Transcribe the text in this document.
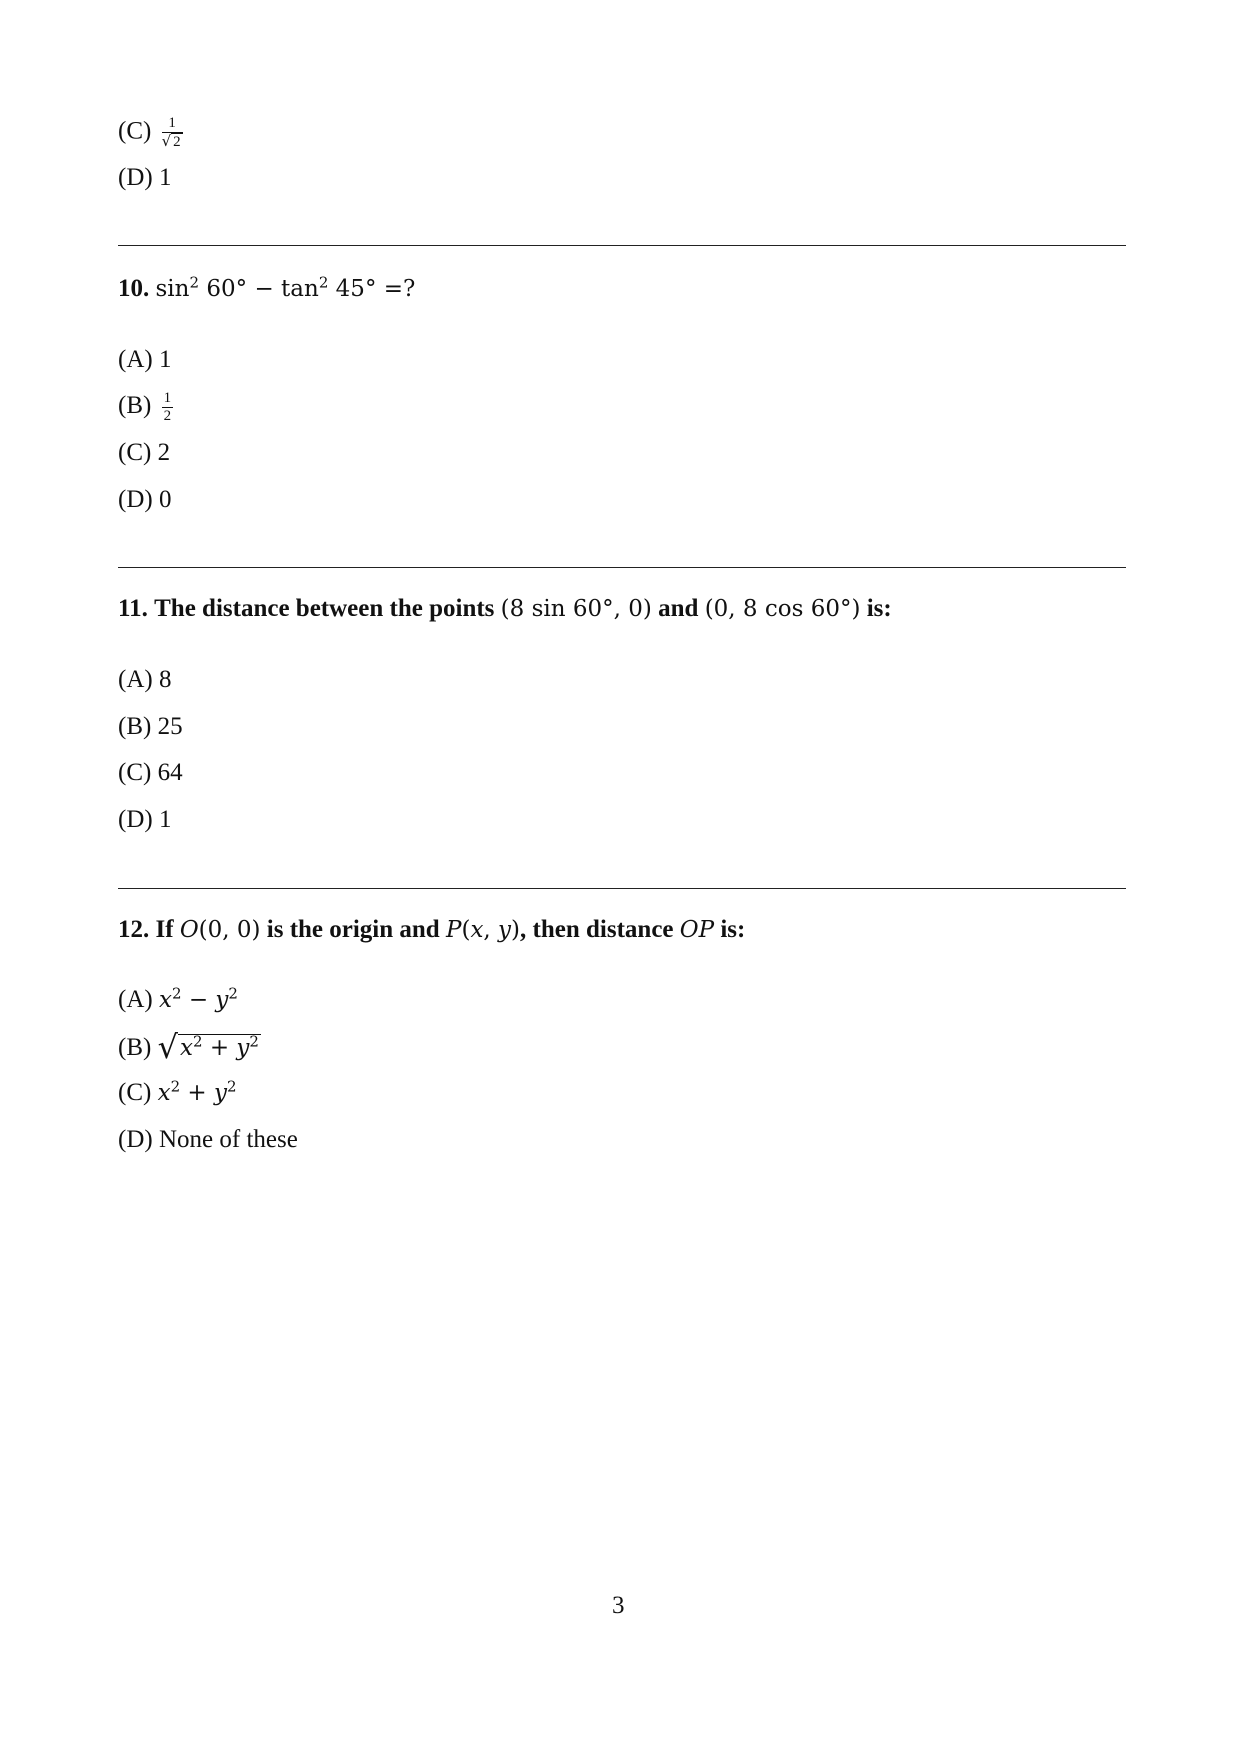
$(C) \frac{1}{√ 2}$
(D) 1
10. $\sin^2 60^\circ - \tan^2 45^\circ$ =?
(A) 1
$(B) \frac{1}{2}$
(C) 2
(D) 0
11. The distance between the points (8 sin 60°, 0) and (0, 8 cos 60°) is:
(A) 8
(B) 25
(C) 64
(D) 1
12. If O(0, 0) is the origin and P(x, y), then distance OP is:
(A) $x^2 - y^2$
(B) $√x^2 + y^2$
(C) $x^2 + y^2$
(D) None of these
3
